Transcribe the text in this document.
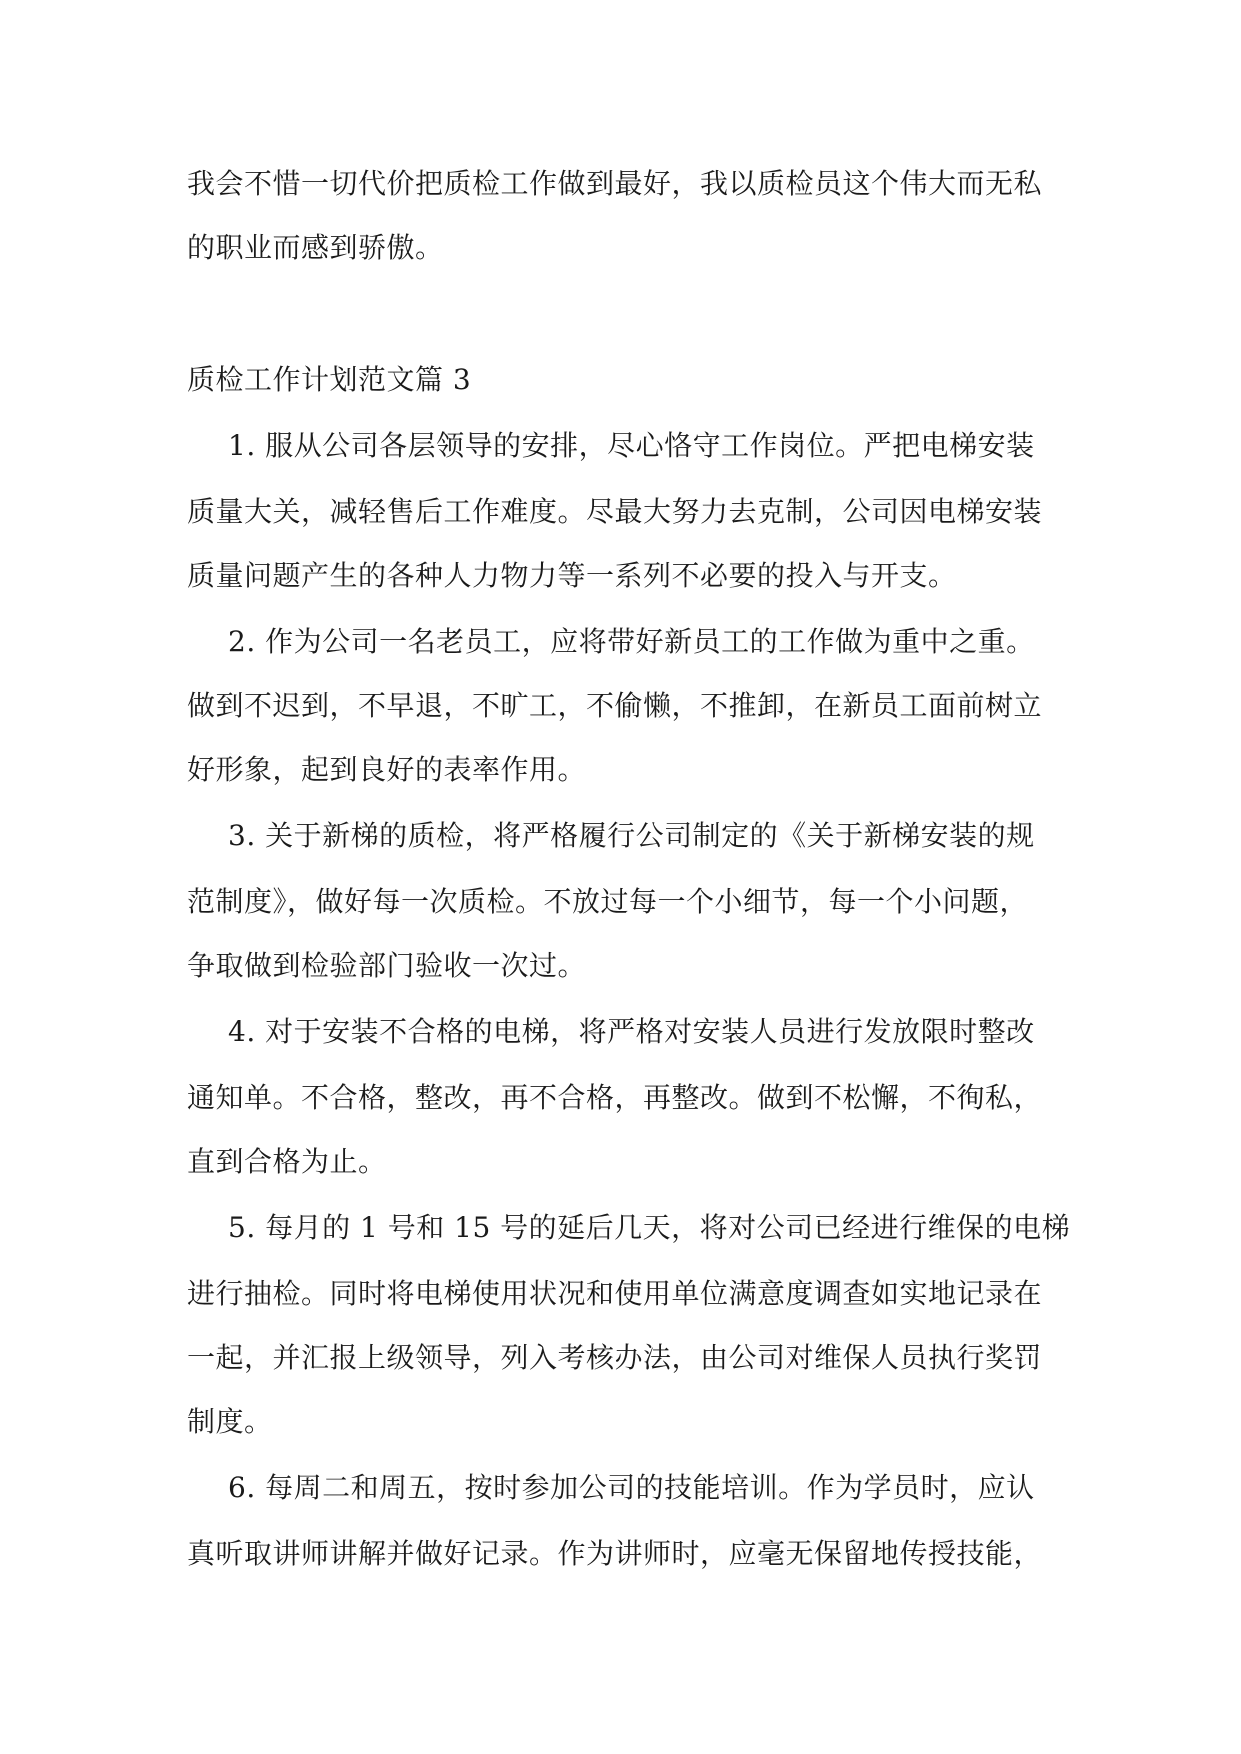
我会不惜一切代价把质检工作做到最好，我以质检员这个伟大而无私
的职业而感到骄傲。
质检工作计划范文篇 3
1. 服从公司各层领导的安排，尽心恪守工作岗位。严把电梯安装
质量大关，减轻售后工作难度。尽最大努力去克制，公司因电梯安装
质量问题产生的各种人力物力等一系列不必要的投入与开支。
2. 作为公司一名老员工，应将带好新员工的工作做为重中之重。
做到不迟到，不早退，不旷工，不偷懒，不推卸，在新员工面前树立
好形象，起到良好的表率作用。
3. 关于新梯的质检，将严格履行公司制定的《关于新梯安装的规
范制度》，做好每一次质检。不放过每一个小细节，每一个小问题，
争取做到检验部门验收一次过。
4. 对于安装不合格的电梯，将严格对安装人员进行发放限时整改
通知单。不合格，整改，再不合格，再整改。做到不松懈，不徇私，
直到合格为止。
5. 每月的 1 号和 15 号的延后几天，将对公司已经进行维保的电梯
进行抽检。同时将电梯使用状况和使用单位满意度调查如实地记录在
一起，并汇报上级领导，列入考核办法，由公司对维保人员执行奖罚
制度。
6. 每周二和周五，按时参加公司的技能培训。作为学员时，应认
真听取讲师讲解并做好记录。作为讲师时，应毫无保留地传授技能，
